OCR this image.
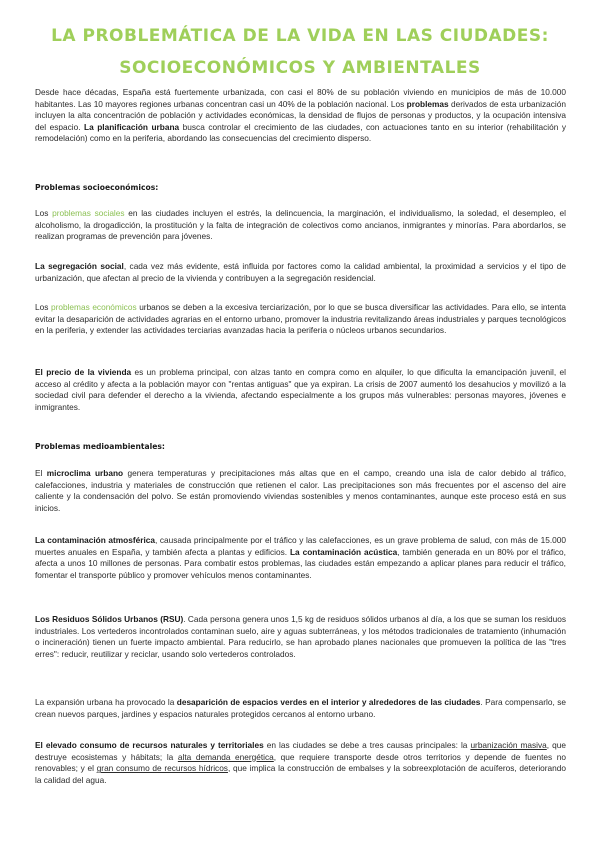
LA PROBLEMÁTICA DE LA VIDA EN LAS CIUDADES:
SOCIOECONÓMICOS Y AMBIENTALES

Desde hace décadas, España está fuertemente urbanizada, con casi el 80% de su población viviendo en municipios de más de 10.000 habitantes. Las 10 mayores regiones urbanas concentran casi un 40% de la población nacional. Los problemas derivados de esta urbanización incluyen la alta concentración de población y actividades económicas, la densidad de flujos de personas y productos, y la ocupación intensiva del espacio. La planificación urbana busca controlar el crecimiento de las ciudades, con actuaciones tanto en su interior (rehabilitación y remodelación) como en la periferia, abordando las consecuencias del crecimiento disperso.

Problemas socioeconómicos:

Los problemas sociales en las ciudades incluyen el estrés, la delincuencia, la marginación, el individualismo, la soledad, el desempleo, el alcoholismo, la drogadicción, la prostitución y la falta de integración de colectivos como ancianos, inmigrantes y minorías. Para abordarlos, se realizan programas de prevención para jóvenes.

La segregación social, cada vez más evidente, está influida por factores como la calidad ambiental, la proximidad a servicios y el tipo de urbanización, que afectan al precio de la vivienda y contribuyen a la segregación residencial.

Los problemas económicos urbanos se deben a la excesiva terciarización, por lo que se busca diversificar las actividades. Para ello, se intenta evitar la desaparición de actividades agrarias en el entorno urbano, promover la industria revitalizando áreas industriales y parques tecnológicos en la periferia, y extender las actividades terciarias avanzadas hacia la periferia o núcleos urbanos secundarios.

El precio de la vivienda es un problema principal, con alzas tanto en compra como en alquiler, lo que dificulta la emancipación juvenil, el acceso al crédito y afecta a la población mayor con "rentas antiguas" que ya expiran. La crisis de 2007 aumentó los desahucios y movilizó a la sociedad civil para defender el derecho a la vivienda, afectando especialmente a los grupos más vulnerables: personas mayores, jóvenes e inmigrantes.

Problemas medioambientales:

El microclima urbano genera temperaturas y precipitaciones más altas que en el campo, creando una isla de calor debido al tráfico, calefacciones, industria y materiales de construcción que retienen el calor. Las precipitaciones son más frecuentes por el ascenso del aire caliente y la condensación del polvo. Se están promoviendo viviendas sostenibles y menos contaminantes, aunque este proceso está en sus inicios.

La contaminación atmosférica, causada principalmente por el tráfico y las calefacciones, es un grave problema de salud, con más de 15.000 muertes anuales en España, y también afecta a plantas y edificios. La contaminación acústica, también generada en un 80% por el tráfico, afecta a unos 10 millones de personas. Para combatir estos problemas, las ciudades están empezando a aplicar planes para reducir el tráfico, fomentar el transporte público y promover vehículos menos contaminantes.

Los Residuos Sólidos Urbanos (RSU). Cada persona genera unos 1,5 kg de residuos sólidos urbanos al día, a los que se suman los residuos industriales. Los vertederos incontrolados contaminan suelo, aire y aguas subterráneas, y los métodos tradicionales de tratamiento (inhumación o incineración) tienen un fuerte impacto ambiental. Para reducirlo, se han aprobado planes nacionales que promueven la política de las "tres erres": reducir, reutilizar y reciclar, usando solo vertederos controlados.

La expansión urbana ha provocado la desaparición de espacios verdes en el interior y alrededores de las ciudades. Para compensarlo, se crean nuevos parques, jardines y espacios naturales protegidos cercanos al entorno urbano.

El elevado consumo de recursos naturales y territoriales en las ciudades se debe a tres causas principales: la urbanización masiva, que destruye ecosistemas y hábitats; la alta demanda energética, que requiere transporte desde otros territorios y depende de fuentes no renovables; y el gran consumo de recursos hídricos, que implica la construcción de embalses y la sobreexplotación de acuíferos, deteriorando la calidad del agua.
